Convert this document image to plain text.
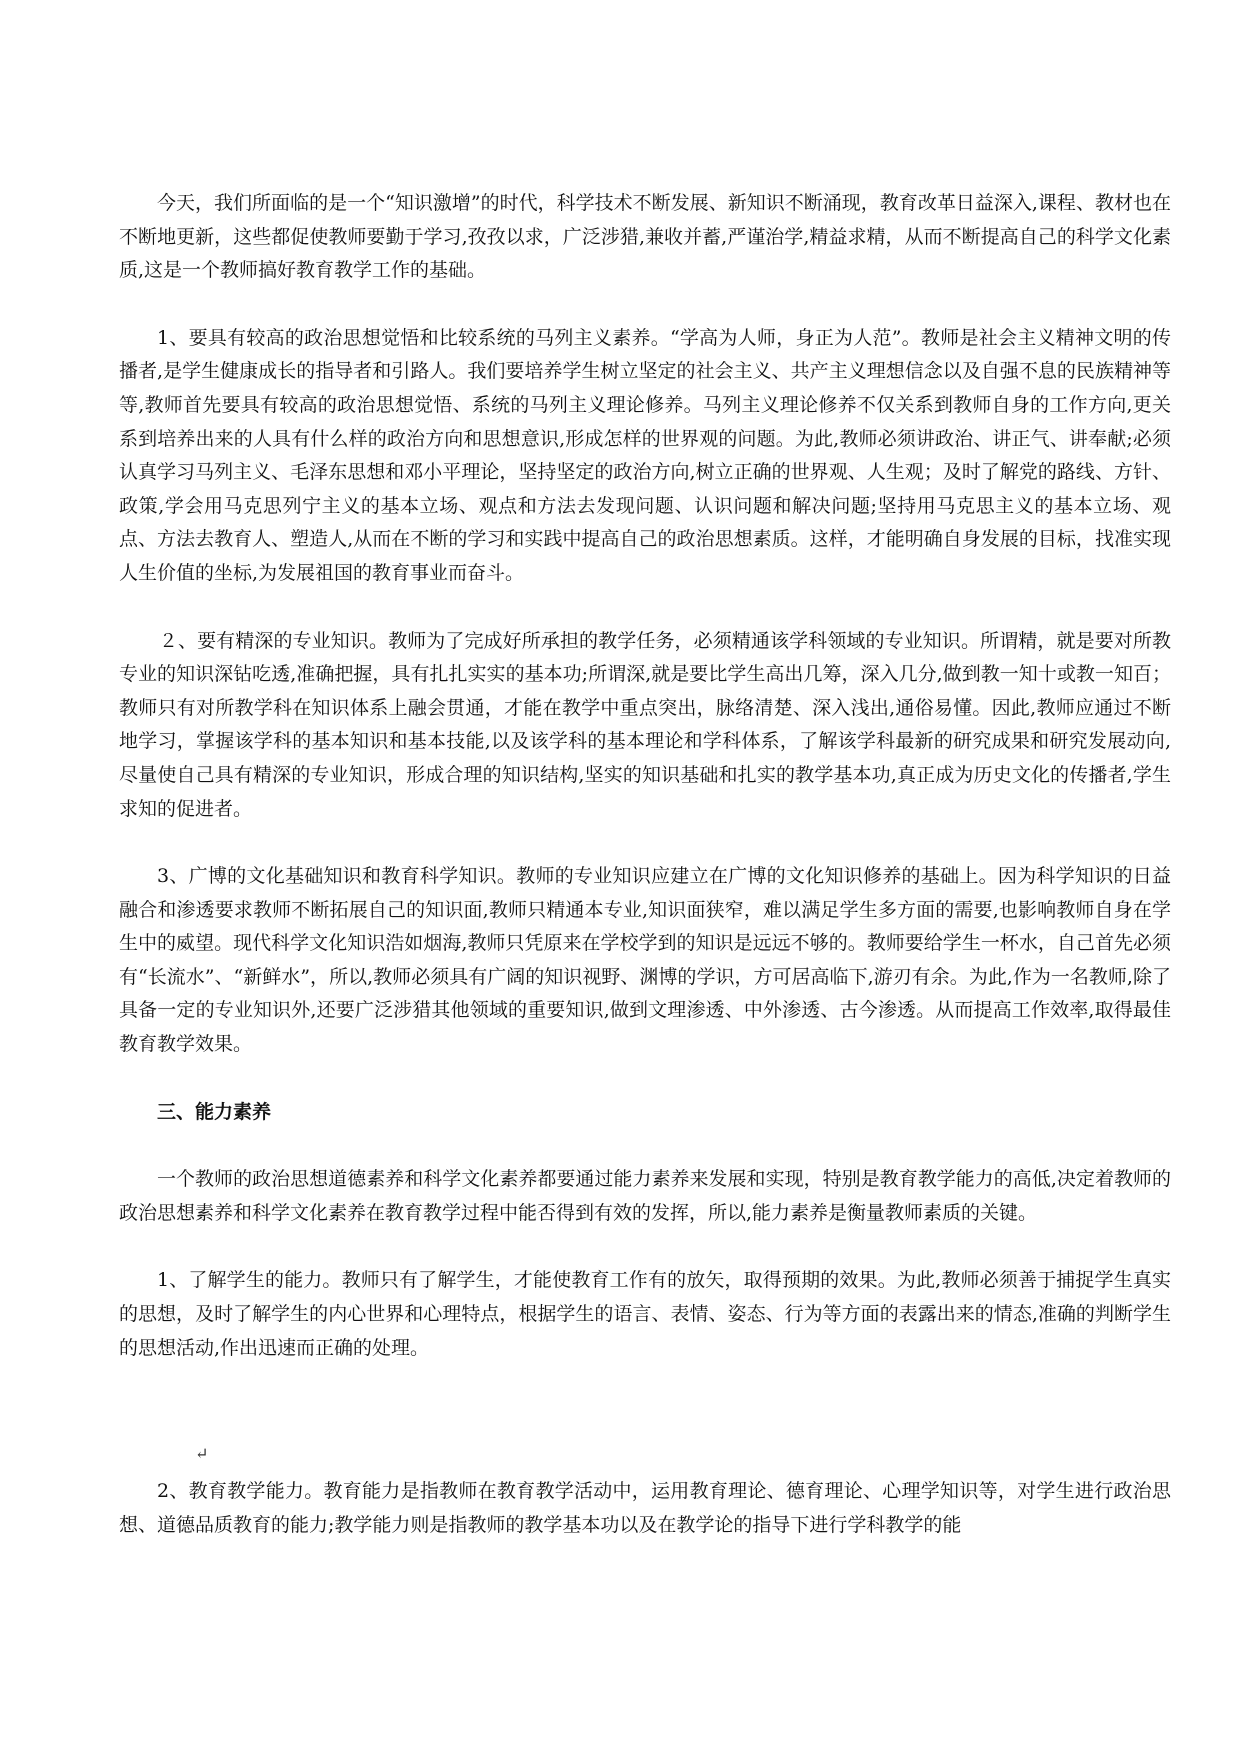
今天，我们所面临的是一个“知识激增”的时代，科学技术不断发展、新知识不断涌现，教育改革日益深入,课程、教材也在不断地更新，这些都促使教师要勤于学习,孜孜以求，广泛涉猎,兼收并蓄,严谨治学,精益求精，从而不断提高自己的科学文化素质,这是一个教师搞好教育教学工作的基础。

1、要具有较高的政治思想觉悟和比较系统的马列主义素养。“学高为人师，身正为人范”。教师是社会主义精神文明的传播者,是学生健康成长的指导者和引路人。我们要培养学生树立坚定的社会主义、共产主义理想信念以及自强不息的民族精神等等,教师首先要具有较高的政治思想觉悟、系统的马列主义理论修养。马列主义理论修养不仅关系到教师自身的工作方向,更关系到培养出来的人具有什么样的政治方向和思想意识,形成怎样的世界观的问题。为此,教师必须讲政治、讲正气、讲奉献;必须认真学习马列主义、毛泽东思想和邓小平理论，坚持坚定的政治方向,树立正确的世界观、人生观；及时了解党的路线、方针、政策,学会用马克思列宁主义的基本立场、观点和方法去发现问题、认识问题和解决问题;坚持用马克思主义的基本立场、观点、方法去教育人、塑造人,从而在不断的学习和实践中提高自己的政治思想素质。这样，才能明确自身发展的目标，找准实现人生价值的坐标,为发展祖国的教育事业而奋斗。

２、要有精深的专业知识。教师为了完成好所承担的教学任务，必须精通该学科领域的专业知识。所谓精，就是要对所教专业的知识深钻吃透,准确把握，具有扎扎实实的基本功;所谓深,就是要比学生高出几筹，深入几分,做到教一知十或教一知百；教师只有对所教学科在知识体系上融会贯通，才能在教学中重点突出，脉络清楚、深入浅出,通俗易懂。因此,教师应通过不断地学习，掌握该学科的基本知识和基本技能,以及该学科的基本理论和学科体系，了解该学科最新的研究成果和研究发展动向,尽量使自己具有精深的专业知识，形成合理的知识结构,坚实的知识基础和扎实的教学基本功,真正成为历史文化的传播者,学生求知的促进者。

3、广博的文化基础知识和教育科学知识。教师的专业知识应建立在广博的文化知识修养的基础上。因为科学知识的日益融合和渗透要求教师不断拓展自己的知识面,教师只精通本专业,知识面狭窄，难以满足学生多方面的需要,也影响教师自身在学生中的威望。现代科学文化知识浩如烟海,教师只凭原来在学校学到的知识是远远不够的。教师要给学生一杯水，自己首先必须有“长流水”、“新鲜水”，所以,教师必须具有广阔的知识视野、渊博的学识，方可居高临下,游刃有余。为此,作为一名教师,除了具备一定的专业知识外,还要广泛涉猎其他领域的重要知识,做到文理渗透、中外渗透、古今渗透。从而提高工作效率,取得最佳教育教学效果。

三、能力素养

一个教师的政治思想道德素养和科学文化素养都要通过能力素养来发展和实现，特别是教育教学能力的高低,决定着教师的政治思想素养和科学文化素养在教育教学过程中能否得到有效的发挥，所以,能力素养是衡量教师素质的关键。

1、了解学生的能力。教师只有了解学生，才能使教育工作有的放矢，取得预期的效果。为此,教师必须善于捕捉学生真实的思想，及时了解学生的内心世界和心理特点，根据学生的语言、表情、姿态、行为等方面的表露出来的情态,准确的判断学生的思想活动,作出迅速而正确的处理。

↵

2、教育教学能力。教育能力是指教师在教育教学活动中，运用教育理论、德育理论、心理学知识等，对学生进行政治思想、道德品质教育的能力;教学能力则是指教师的教学基本功以及在教学论的指导下进行学科教学的能
